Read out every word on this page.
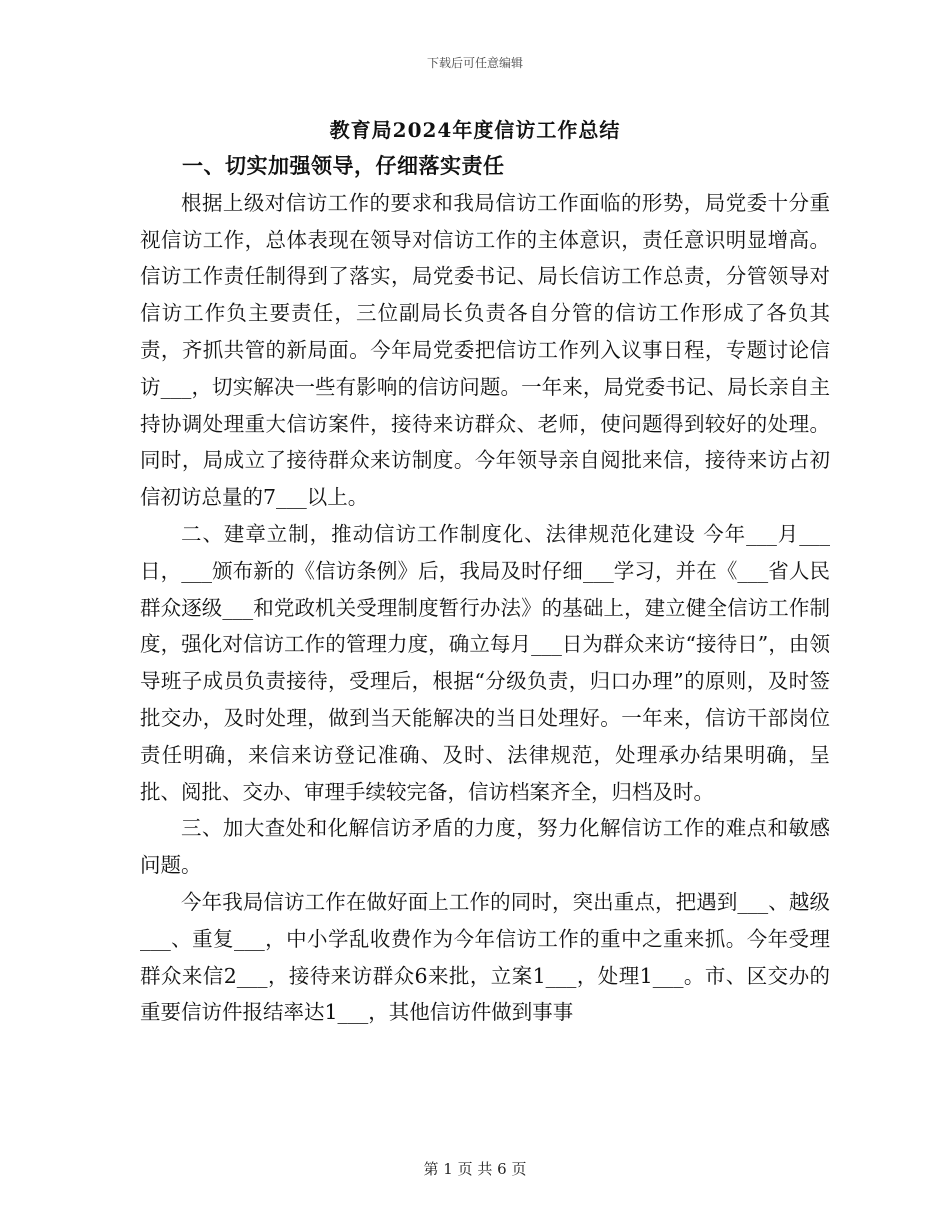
下载后可任意编辑
教育局2024年度信访工作总结

一、切实加强领导，仔细落实责任

根据上级对信访工作的要求和我局信访工作面临的形势，局党委十分重视信访工作，总体表现在领导对信访工作的主体意识，责任意识明显增高。信访工作责任制得到了落实，局党委书记、局长信访工作总责，分管领导对信访工作负主要责任，三位副局长负责各自分管的信访工作形成了各负其责，齐抓共管的新局面。今年局党委把信访工作列入议事日程，专题讨论信访___，切实解决一些有影响的信访问题。一年来，局党委书记、局长亲自主持协调处理重大信访案件，接待来访群众、老师，使问题得到较好的处理。同时，局成立了接待群众来访制度。今年领导亲自阅批来信，接待来访占初信初访总量的7___以上。

二、建章立制，推动信访工作制度化、法律规范化建设 今年___月___日，___颁布新的《信访条例》后，我局及时仔细___学习，并在《___省人民群众逐级___和党政机关受理制度暂行办法》的基础上，建立健全信访工作制度，强化对信访工作的管理力度，确立每月___日为群众来访“接待日”，由领导班子成员负责接待，受理后，根据“分级负责，归口办理”的原则，及时签批交办，及时处理，做到当天能解决的当日处理好。一年来，信访干部岗位责任明确，来信来访登记准确、及时、法律规范，处理承办结果明确，呈批、阅批、交办、审理手续较完备，信访档案齐全，归档及时。

三、加大查处和化解信访矛盾的力度，努力化解信访工作的难点和敏感问题。

今年我局信访工作在做好面上工作的同时，突出重点，把遇到___、越级___、重复___，中小学乱收费作为今年信访工作的重中之重来抓。今年受理群众来信2___，接待来访群众6来批，立案1___，处理1___。市、区交办的重要信访件报结率达1___，其他信访件做到事事

第 1 页 共 6 页
